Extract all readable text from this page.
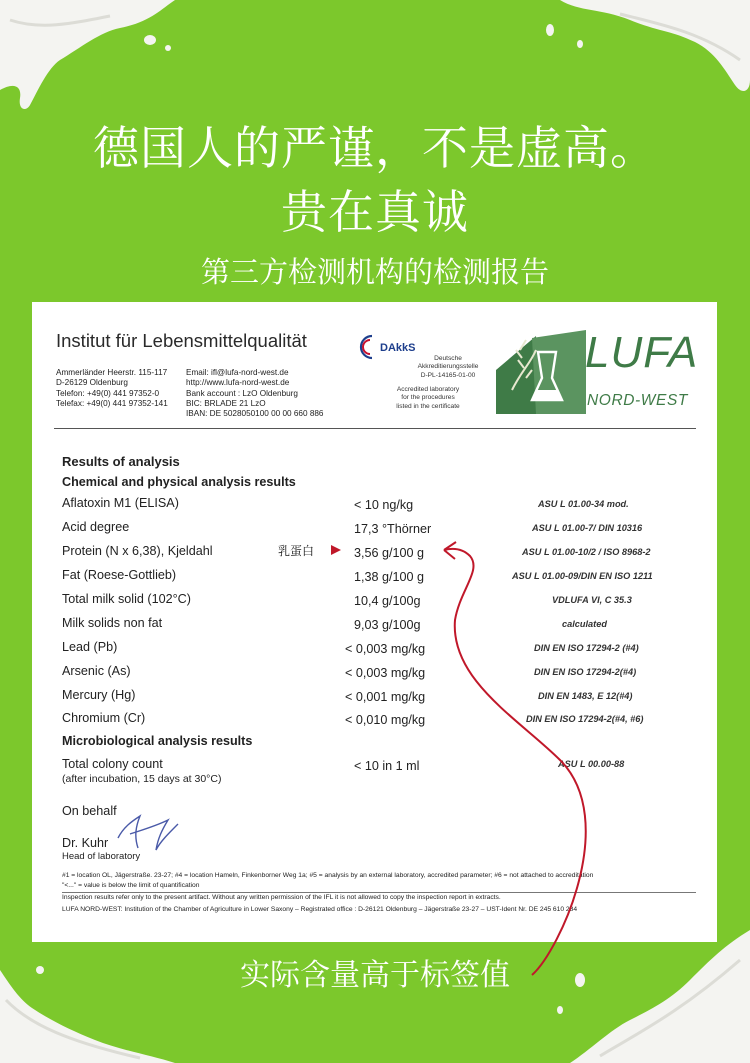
德国人的严谨，不是虚高。
贵在真诚
第三方检测机构的检测报告
Institut für Lebensmittelqualität
Ammerländer Heerstr. 115-117
D-26129 Oldenburg
Telefon: +49(0) 441 97352-0
Telefax: +49(0) 441 97352-141
Email: ifl@lufa-nord-west.de
http://www.lufa-nord-west.de
Bank account : LzO Oldenburg
BIC: BRLADE 21 LzO
IBAN: DE 5028050100 00 00 660 886
DAkkS
Deutsche
Akkreditierungsstelle
D-PL-14165-01-00
Accredited laboratory
for the procedures
listed in the certificate
LUFA
NORD-WEST
Results of analysis
Chemical and physical analysis results
Aflatoxin M1 (ELISA)	< 10 ng/kg	ASU L 01.00-34 mod.
Acid degree	17,3 °Thörner	ASU L 01.00-7/ DIN 10316
Protein (N x 6,38), Kjeldahl	3,56 g/100 g	ASU L 01.00-10/2 / ISO 8968-2
Fat (Roese-Gottlieb)	1,38 g/100 g	ASU L 01.00-09/DIN EN ISO 1211
Total milk solid (102°C)	10,4 g/100g	VDLUFA VI, C 35.3
Milk solids non fat	9,03 g/100g	calculated
Lead (Pb)	< 0,003 mg/kg	DIN EN ISO 17294-2 (#4)
Arsenic (As)	< 0,003 mg/kg	DIN EN ISO 17294-2(#4)
Mercury (Hg)	< 0,001 mg/kg	DIN EN 1483, E 12(#4)
Chromium (Cr)	< 0,010 mg/kg	DIN EN ISO 17294-2(#4, #6)
Microbiological analysis results
Total colony count
(after incubation, 15 days at 30°C)
< 10 in 1 ml	ASU L 00.00-88
On behalf
Dr. Kuhr
Head of laboratory
#1 = location OL, Jägerstraße. 23-27; #4 = location Hameln, Finkenborner Weg 1a; #5 = analysis by an external laboratory, accredited parameter; #6 = not attached to accreditation
"<..." = value is below the limit of quantification
Inspection results refer only to the present artifact. Without any written permission of the IFL it is not allowed to copy the inspection report in extracts.
LUFA NORD-WEST: Institution of the Chamber of Agriculture in Lower Saxony – Registrated office : D-26121 Oldenburg – Jägerstraße 23-27 – UST-Ident Nr. DE 245 610 284
乳蛋白
实际含量高于标签值
